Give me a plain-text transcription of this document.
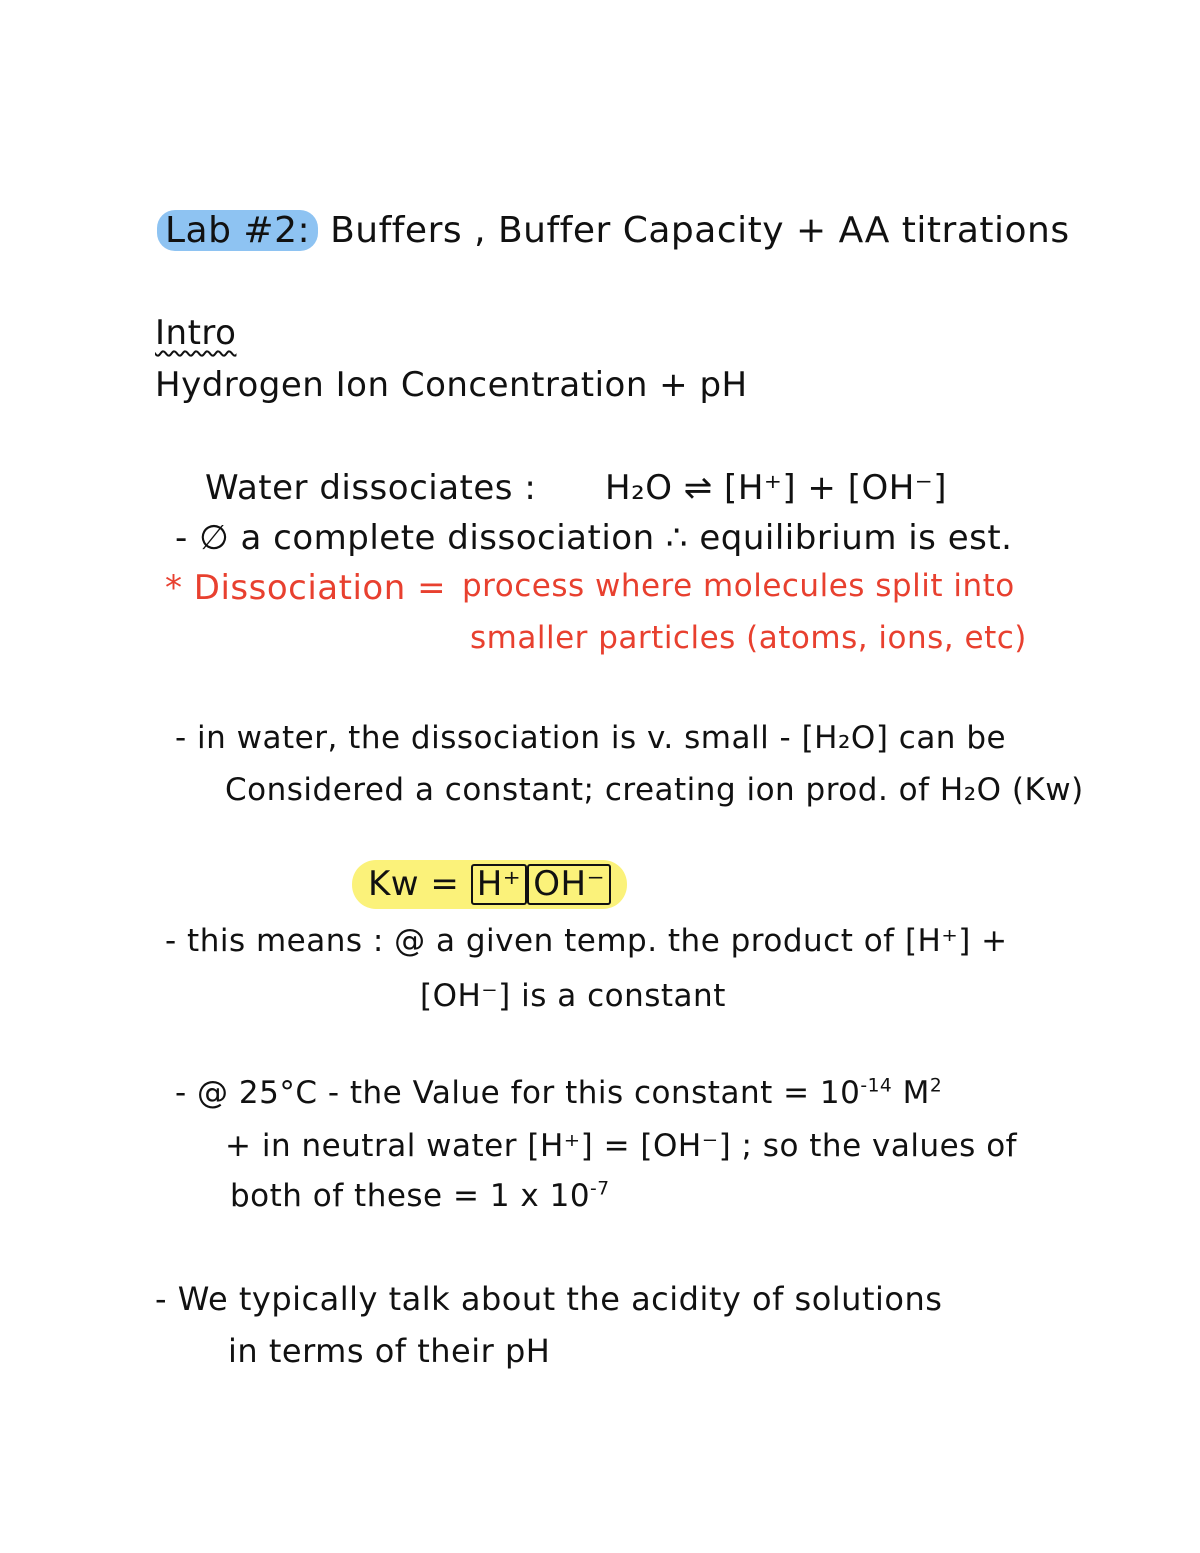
Lab #2: Buffers , Buffer Capacity + AA titrations
Intro
Hydrogen Ion Concentration + pH
Water dissociates : H₂O ⇌ [H⁺] + [OH⁻]
- ∅ a complete dissociation ∴ equilibrium is est.
* Dissociation = process where molecules split into
smaller particles (atoms, ions, etc)
- in water, the dissociation is v. small - [H₂O] can be
Considered a constant; creating ion prod. of H₂O (Kw)
Kw = H⁺ OH⁻
- this means : @ a given temp. the product of [H⁺] +
[OH⁻] is a constant
- @ 25°C - the Value for this constant = $10^{-14}$ $M^2$
+ in neutral water [H⁺] = [OH⁻] ; so the values of
both of these = 1 x $10^{-7}$
- We typically talk about the acidity of solutions
in terms of their pH
